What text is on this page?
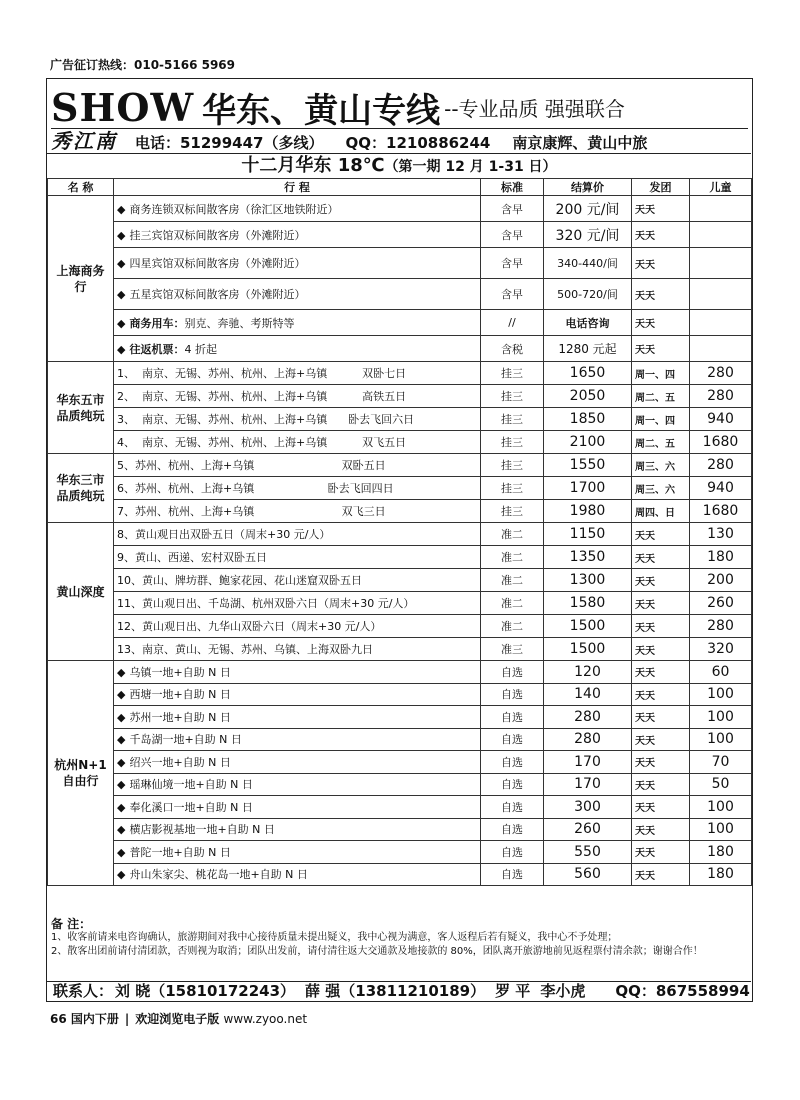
广告征订热线：010-5166 5969
SHOW 华东、黄山专线 --专业品质 强强联合
秀江南 电话：51299447（多线） QQ：1210886244 南京康辉、黄山中旅
十二月华东 18℃（第一期 12 月 1-31 日）
名 称	行 程	标准	结算价	发团	儿童
上海商务行	◆ 商务连锁双标间散客房（徐汇区地铁附近）	含早	200 元/间	天天	
	◆ 挂三宾馆双标间散客房（外滩附近）	含早	320 元/间	天天	
	◆ 四星宾馆双标间散客房（外滩附近）	含早	340-440/间	天天	
	◆ 五星宾馆双标间散客房（外滩附近）	含早	500-720/间	天天	
	◆ 商务用车：别克、奔驰、考斯特等	//	电话咨询	天天	
	◆ 往返机票：4 折起	含税	1280 元起	天天	
华东五市品质纯玩	1、  南京、无锡、苏州、杭州、上海+乌镇          双卧七日	挂三	1650	周一、四	280
	2、  南京、无锡、苏州、杭州、上海+乌镇          高铁五日	挂三	2050	周二、五	280
	3、  南京、无锡、苏州、杭州、上海+乌镇      卧去飞回六日	挂三	1850	周一、四	940
	4、  南京、无锡、苏州、杭州、上海+乌镇          双飞五日	挂三	2100	周二、五	1680
华东三市品质纯玩	5、苏州、杭州、上海+乌镇                         双卧五日	挂三	1550	周三、六	280
	6、苏州、杭州、上海+乌镇                     卧去飞回四日	挂三	1700	周三、六	940
	7、苏州、杭州、上海+乌镇                         双飞三日	挂三	1980	周四、日	1680
黄山深度	8、黄山观日出双卧五日（周末+30 元/人）	准二	1150	天天	130
	9、黄山、西递、宏村双卧五日	准二	1350	天天	180
	10、黄山、牌坊群、鲍家花园、花山迷窟双卧五日	准二	1300	天天	200
	11、黄山观日出、千岛湖、杭州双卧六日（周末+30 元/人）	准二	1580	天天	260
	12、黄山观日出、九华山双卧六日（周末+30 元/人）	准二	1500	天天	280
	13、南京、黄山、无锡、苏州、乌镇、上海双卧九日	准三	1500	天天	320
杭州N+1自由行	◆ 乌镇一地+自助 N 日	自选	120	天天	60
	◆ 西塘一地+自助 N 日	自选	140	天天	100
	◆ 苏州一地+自助 N 日	自选	280	天天	100
	◆ 千岛湖一地+自助 N 日	自选	280	天天	100
	◆ 绍兴一地+自助 N 日	自选	170	天天	70
	◆ 瑶琳仙境一地+自助 N 日	自选	170	天天	50
	◆ 奉化溪口一地+自助 N 日	自选	300	天天	100
	◆ 横店影视基地一地+自助 N 日	自选	260	天天	100
	◆ 普陀一地+自助 N 日	自选	550	天天	180
	◆ 舟山朱家尖、桃花岛一地+自助 N 日	自选	560	天天	180
备 注：
1、收客前请来电咨询确认，旅游期间对我中心接待质量未提出疑义，我中心视为满意，客人返程后若有疑义，我中心不予处理；
2、散客出团前请付清团款，否则视为取消；团队出发前，请付清往返大交通款及地接款的 80%，团队离开旅游地前见返程票付清余款；谢谢合作！
联系人： 刘 晓（15810172243） 薛 强（13811210189） 罗 平 李小虎 QQ：867558994
66 国内下册 | 欢迎浏览电子版 www.zyoo.net
